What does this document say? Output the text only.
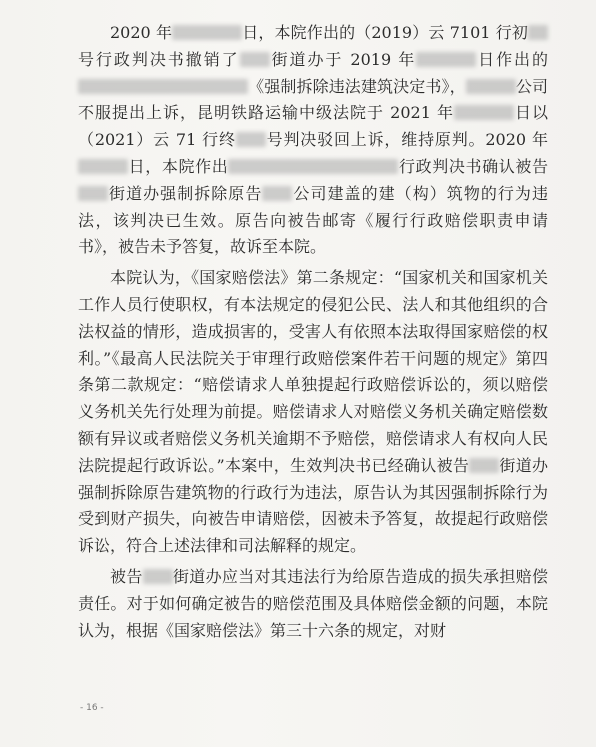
2020 年	日，本院作出的（2019）云 7101 行初号行政判决书撤销了 街道办于 2019 年	日作出的《强制拆除违法建筑決定书》，	公司不服提出上诉，昆明铁路运输中级法院于 2021 年	日以（2021）云 71 行终 号判决驳回上诉，维持原判。2020 年日，本院作出	行政判决书确认被告街道办强制拆除原告 公司建盖的建（构）筑物的行为违法，该判决已生效。原告向被告邮寄《履行行政赔偿职责申请书》，被告未予答复，故诉至本院。

本院认为，《国家赔偿法》第二条规定：“国家机关和国家机关工作人员行使职权，有本法规定的侵犯公民、法人和其他组织的合法权益的情形，造成损害的，受害人有依照本法取得国家赔偿的权利。”《最高人民法院关于审理行政赔偿案件若干问题的规定》第四条第二款规定：“赔偿请求人单独提起行政赔偿诉讼的，须以赔偿义务机关先行处理为前提。赔偿请求人对赔偿义务机关确定赔偿数额有异议或者赔偿义务机关逾期不予赔偿，赔偿请求人有权向人民法院提起行政诉讼。”本案中，生效判决书已经确认被告 街道办强制拆除原告建筑物的行政行为违法，原告认为其因强制拆除行为受到财产损失，向被告申请赔偿，因被未予答复，故提起行政赔偿诉讼，符合上述法律和司法解释的规定。

被告 街道办应当对其违法行为给原告造成的损失承担赔偿责任。对于如何确定被告的赔偿范围及具体赔偿金额的问题，本院认为，根据《国家赔偿法》第三十六条的规定，对财

- 16 -
